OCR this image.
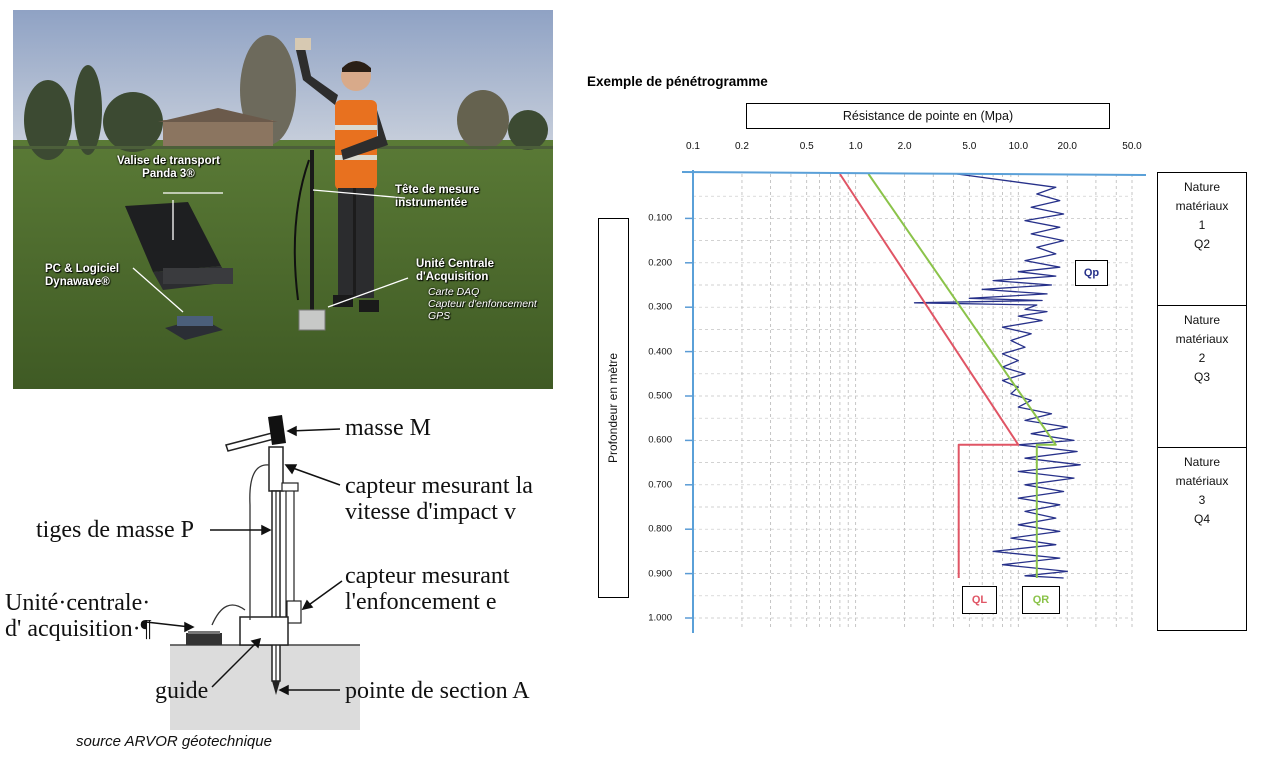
Valise de transport
Panda 3®
Tête de mesure
instrumentée
PC & Logiciel
Dynawave®
Unité Centrale
d'Acquisition
Carte DAQ
Capteur d'enfoncement
GPS
masse M
capteur mesurant la
vitesse d'impact v
tiges de masse P
capteur mesurant
l'enfoncement e
Unité·centrale·
d' acquisition·¶
guide	pointe de section A
source ARVOR géotechnique
Exemple de pénétrogramme
Résistance de pointe en (Mpa)
Profondeur en mètre
0.1	0.2	0.5	1.0	2.0	5.0	10.0	20.0	50.0
0.100
0.200
0.300
0.400
0.500
0.600
0.700
0.800
0.900
1.000
Nature
matériaux
1
Q2
Nature
matériaux
2
Q3
Nature
matériaux
3
Q4
Qp
QL	QR
